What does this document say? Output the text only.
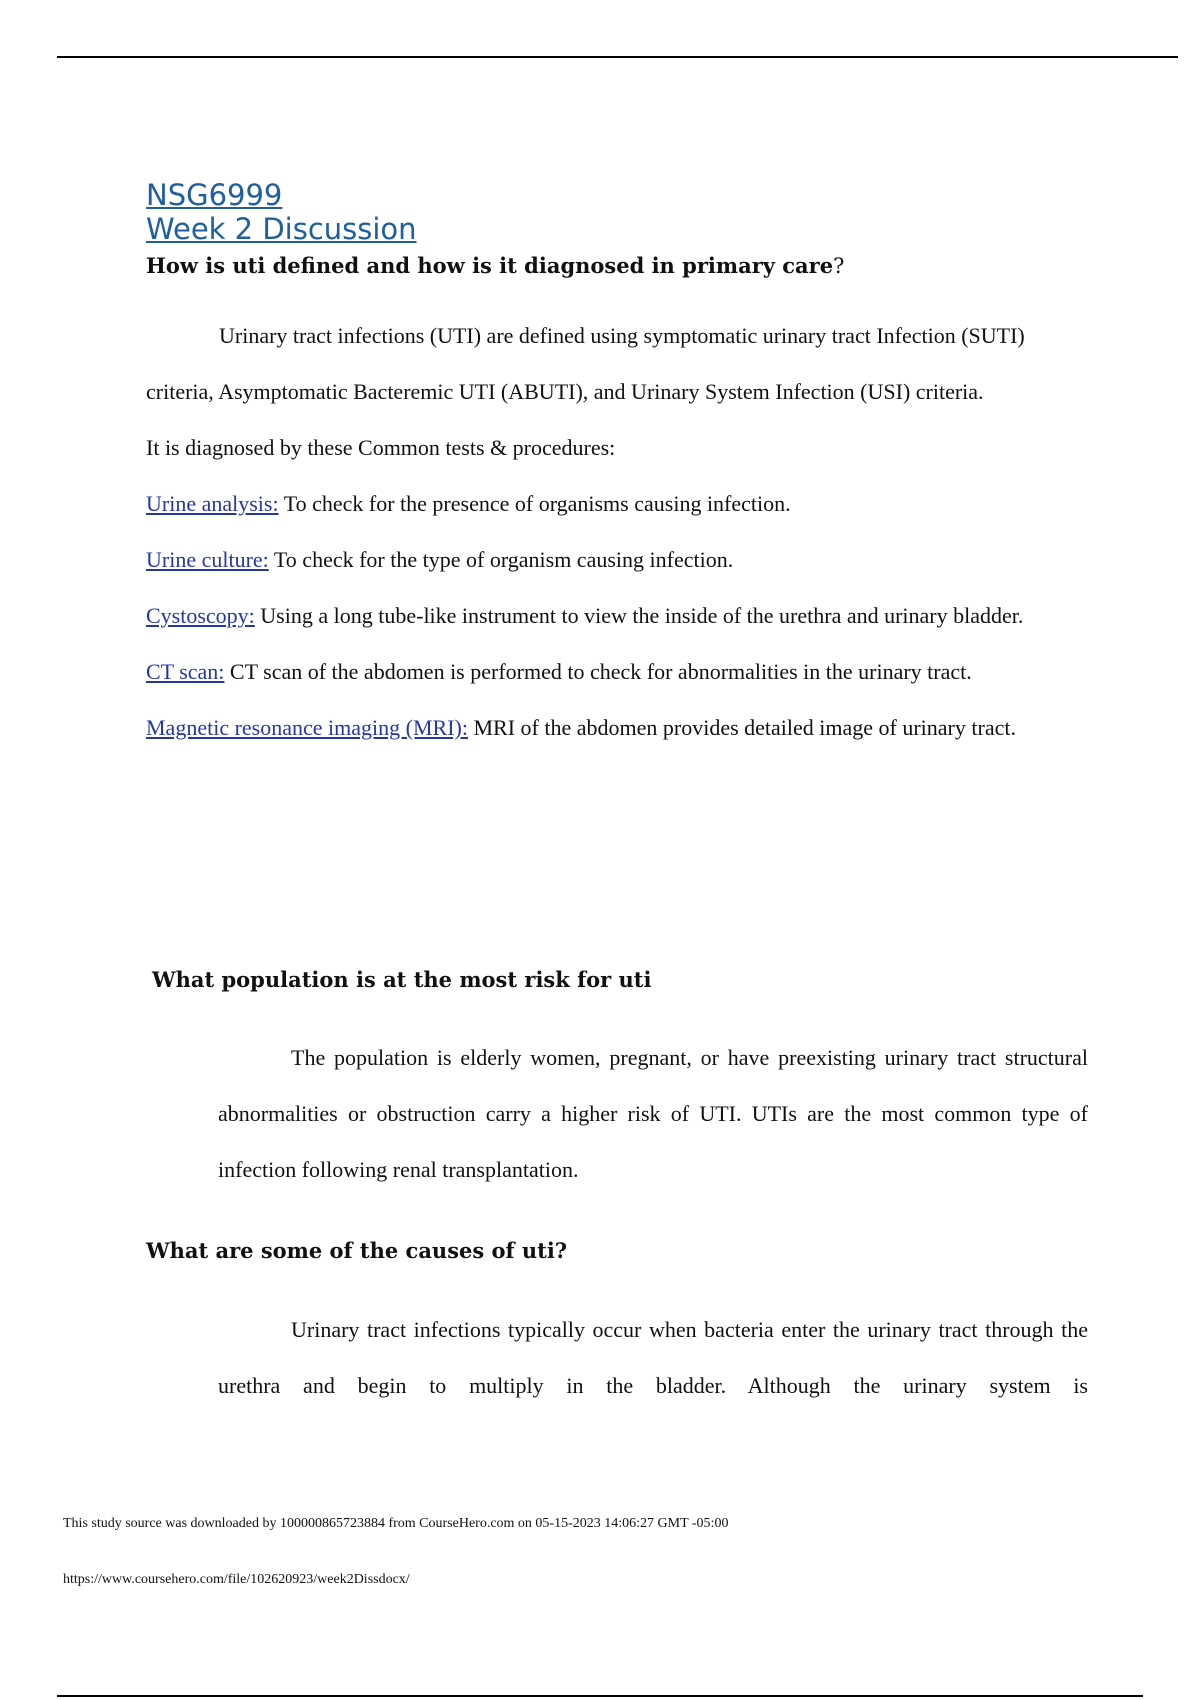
NSG6999
Week 2 Discussion
How is uti defined and how is it diagnosed in primary care?

Urinary tract infections (UTI) are defined using symptomatic urinary tract Infection (SUTI) criteria, Asymptomatic Bacteremic UTI (ABUTI), and Urinary System Infection (USI) criteria.

It is diagnosed by these Common tests & procedures:

Urine analysis: To check for the presence of organisms causing infection.

Urine culture: To check for the type of organism causing infection.

Cystoscopy: Using a long tube-like instrument to view the inside of the urethra and urinary bladder.

CT scan: CT scan of the abdomen is performed to check for abnormalities in the urinary tract.

Magnetic resonance imaging (MRI): MRI of the abdomen provides detailed image of urinary tract.

What population is at the most risk for uti

The population is elderly women, pregnant, or have preexisting urinary tract structural abnormalities or obstruction carry a higher risk of UTI. UTIs are the most common type of infection following renal transplantation.

What are some of the causes of uti?

Urinary tract infections typically occur when bacteria enter the urinary tract through the urethra and begin to multiply in the bladder. Although the urinary system is

This study source was downloaded by 100000865723884 from CourseHero.com on 05-15-2023 14:06:27 GMT -05:00
https://www.coursehero.com/file/102620923/week2Dissdocx/
